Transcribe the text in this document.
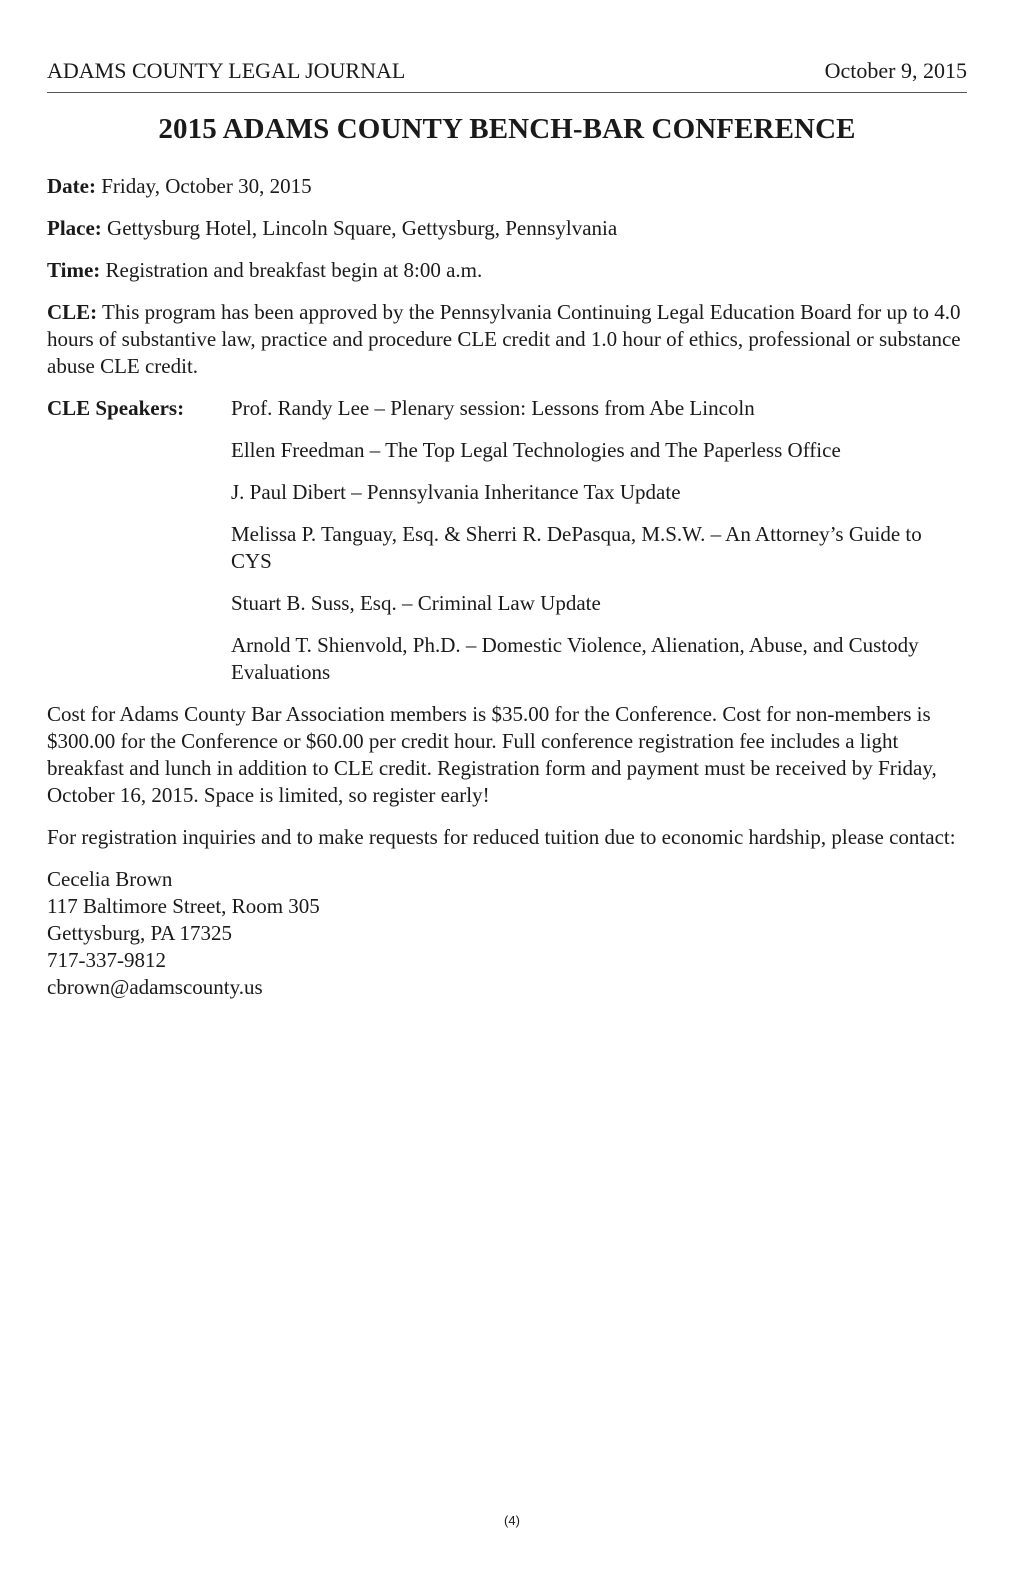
ADAMS COUNTY LEGAL JOURNAL	October 9, 2015
2015 ADAMS COUNTY BENCH-BAR CONFERENCE

Date: Friday, October 30, 2015

Place: Gettysburg Hotel, Lincoln Square, Gettysburg, Pennsylvania

Time: Registration and breakfast begin at 8:00 a.m.

CLE: This program has been approved by the Pennsylvania Continuing Legal Education Board for up to 4.0 hours of substantive law, practice and procedure CLE credit and 1.0 hour of ethics, professional or substance abuse CLE credit.

CLE Speakers:	Prof. Randy Lee – Plenary session: Lessons from Abe Lincoln

Ellen Freedman – The Top Legal Technologies and The Paperless Office

J. Paul Dibert – Pennsylvania Inheritance Tax Update

Melissa P. Tanguay, Esq. & Sherri R. DePasqua, M.S.W. – An Attorney’s Guide to CYS

Stuart B. Suss, Esq. – Criminal Law Update

Arnold T. Shienvold, Ph.D. – Domestic Violence, Alienation, Abuse, and Custody Evaluations

Cost for Adams County Bar Association members is $35.00 for the Conference. Cost for non-members is $300.00 for the Conference or $60.00 per credit hour. Full conference registration fee includes a light breakfast and lunch in addition to CLE credit. Registration form and payment must be received by Friday, October 16, 2015. Space is limited, so register early!

For registration inquiries and to make requests for reduced tuition due to economic hardship, please contact:

Cecelia Brown

117 Baltimore Street, Room 305

Gettysburg, PA 17325

717-337-9812

cbrown@adamscounty.us

(4)
